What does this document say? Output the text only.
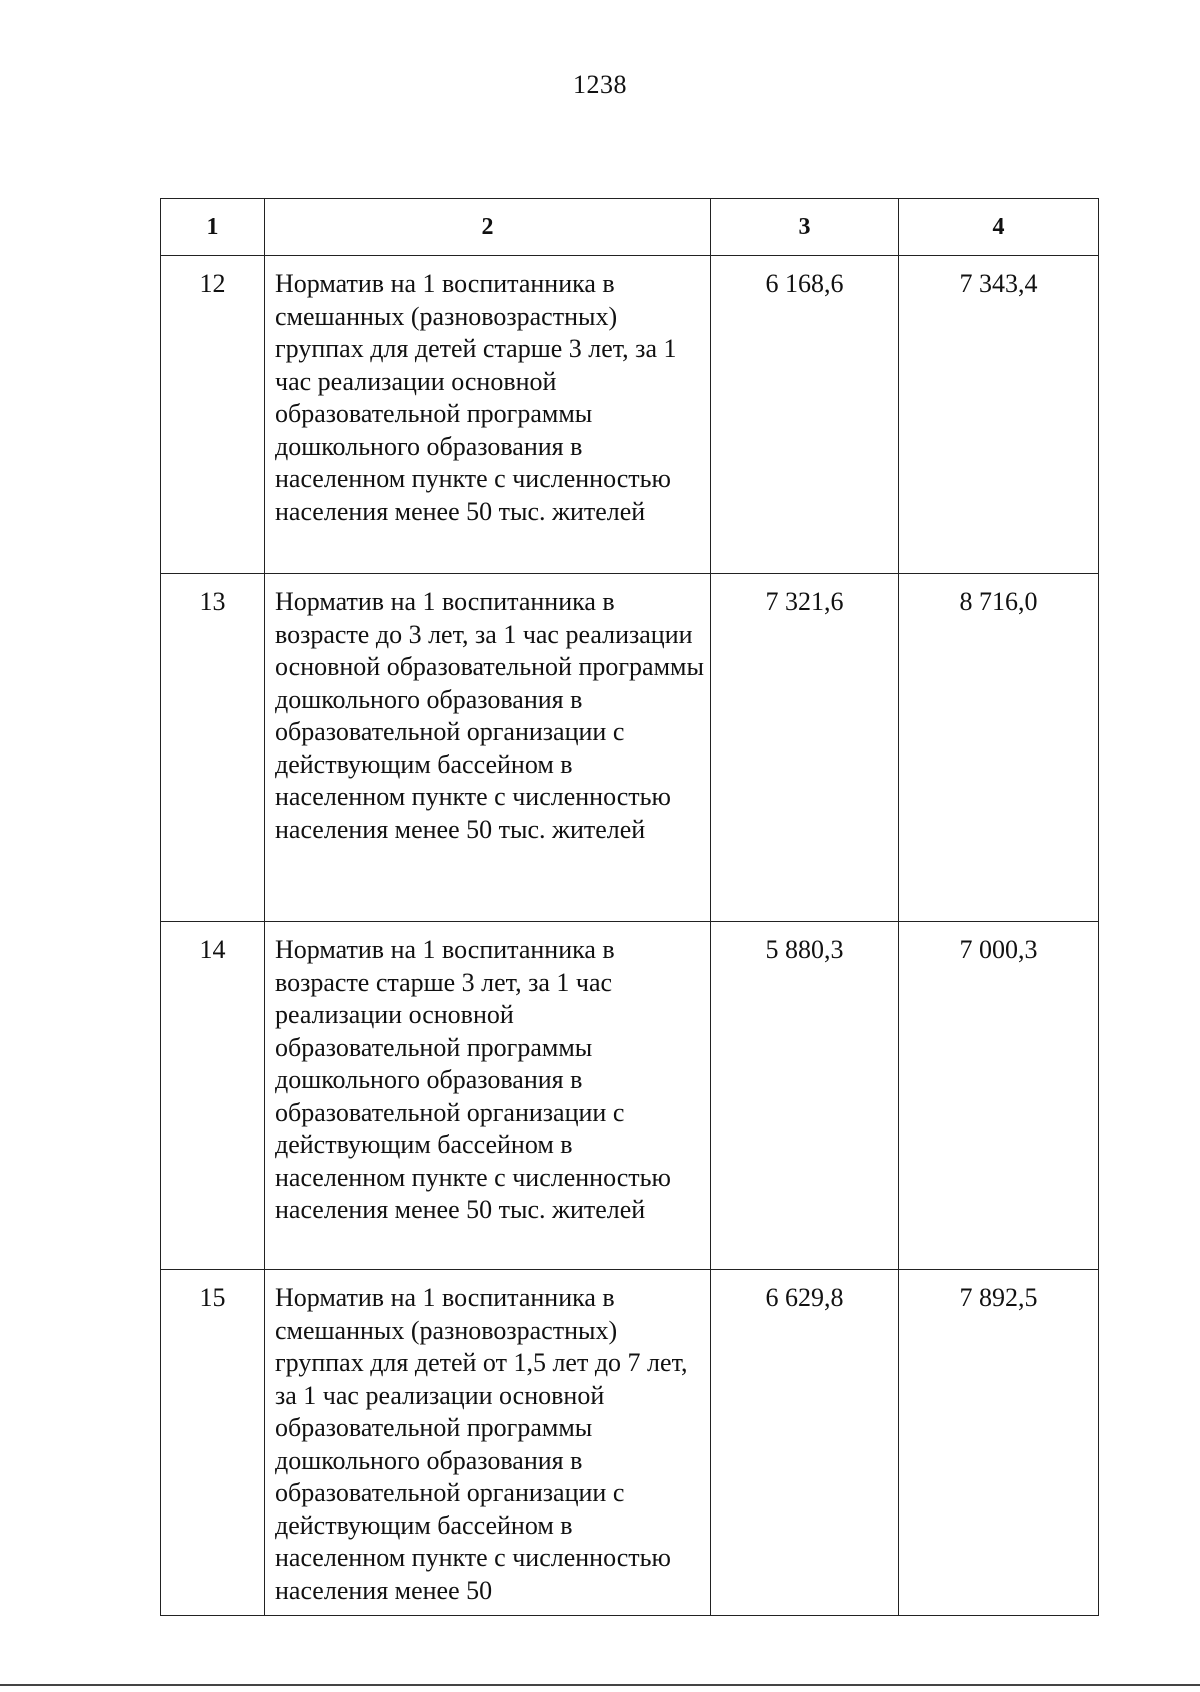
1238
1	2	3	4
12	Норматив на 1 воспитанника в смешанных (разновозрастных) группах для детей старше 3 лет, за 1 час реализации основной образовательной программы дошкольного образования в населенном пункте с численностью населения менее 50 тыс. жителей	6 168,6	7 343,4
13	Норматив на 1 воспитанника в возрасте до 3 лет, за 1 час реализации основной образовательной программы дошкольного образования в образовательной организации с действующим бассейном в населенном пункте с численностью населения менее 50 тыс. жителей	7 321,6	8 716,0
14	Норматив на 1 воспитанника в возрасте старше 3 лет, за 1 час реализации основной образовательной программы дошкольного образования в образовательной организации с действующим бассейном в населенном пункте с численностью населения менее 50 тыс. жителей	5 880,3	7 000,3
15	Норматив на 1 воспитанника в смешанных (разновозрастных) группах для детей от 1,5 лет до 7 лет, за 1 час реализации основной образовательной программы дошкольного образования в образовательной организации с действующим бассейном в населенном пункте с численностью населения менее 50	6 629,8	7 892,5
